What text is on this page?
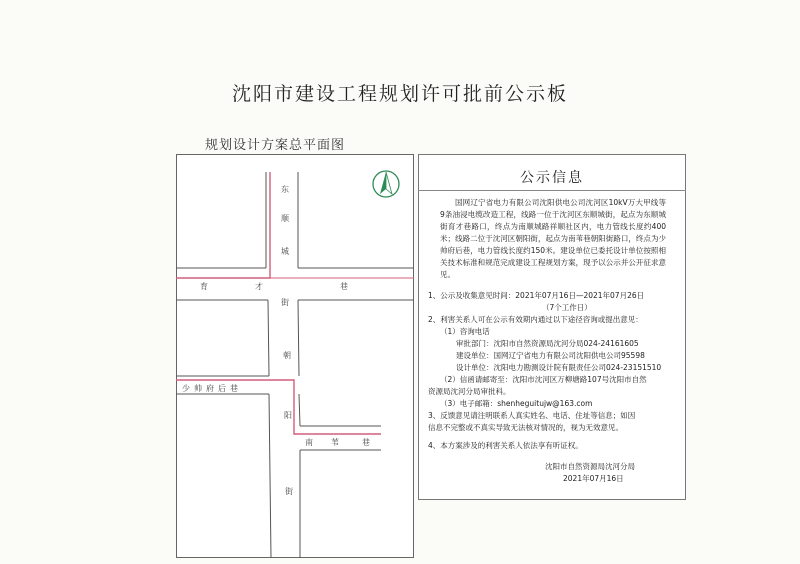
沈阳市建设工程规划许可批前公示板
规划设计方案总平面图
东
顺
城
街
朝
阳
街
育	才	巷
少 帅 府 后 巷
南 苇	巷
公示信息
国网辽宁省电力有限公司沈阳供电公司沈河区10kV万大甲线等9条油浸电缆改造工程，线路一位于沈河区东顺城街，起点为东顺城街育才巷路口，终点为南顺城路祥顺社区内，电力管线长度约400米；线路二位于沈河区朝阳街，起点为南苇巷朝阳街路口，终点为少帅府后巷，电力管线长度约150米。建设单位已委托设计单位按照相关技术标准和规范完成建设工程规划方案，现予以公示并公开征求意见。
1、公示及收集意见时间：2021年07月16日—2021年07月26日
（7个工作日）
2、利害关系人可在公示有效期内通过以下途径咨询或提出意见：
（1）咨询电话
审批部门：沈阳市自然资源局沈河分局024-24161605
建设单位：国网辽宁省电力有限公司沈阳供电公司95598
设计单位：沈阳电力勘测设计院有限责任公司024-23151510
（2）信函请邮寄至：沈阳市沈河区万柳塘路107号沈阳市自然
资源局沈河分局审批科。
（3）电子邮箱：shenheguitujw@163.com
3、反馈意见请注明联系人真实姓名、电话、住址等信息；如因
信息不完整或不真实导致无法核对情况的，视为无效意见。
4、本方案涉及的利害关系人依法享有听证权。
沈阳市自然资源局沈河分局
2021年07月16日
